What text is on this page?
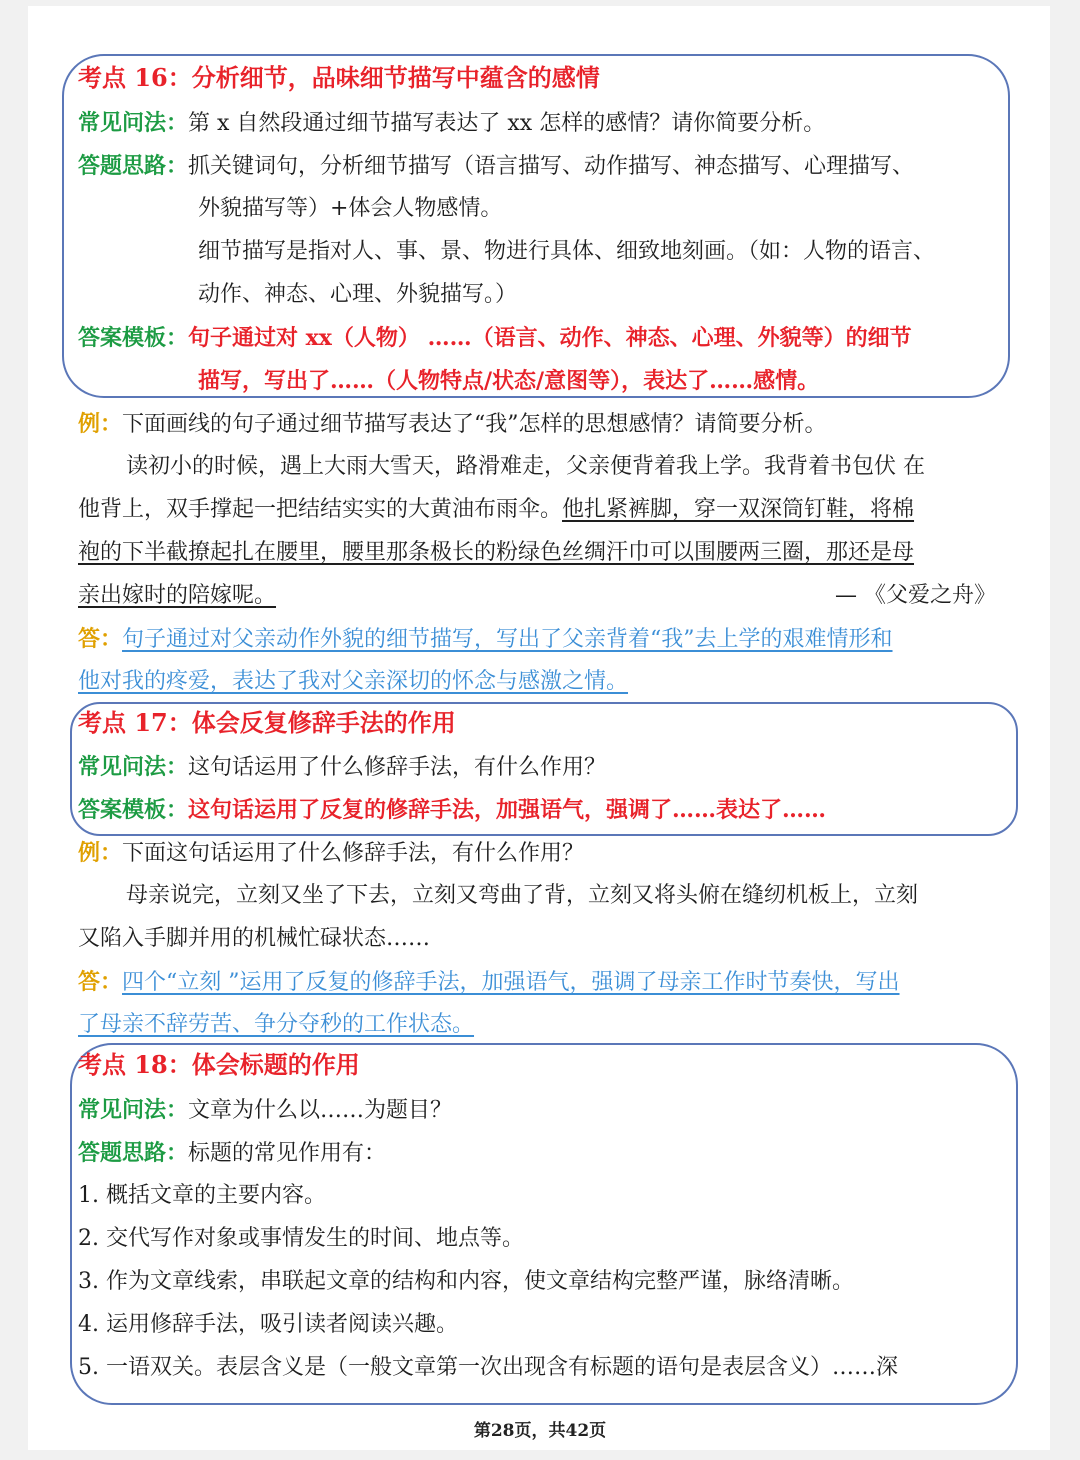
考点 16：分析细节，品味细节描写中蕴含的感情
常见问法：第 x 自然段通过细节描写表达了 xx 怎样的感情？请你简要分析。
答题思路：抓关键词句，分析细节描写（语言描写、动作描写、神态描写、心理描写、
外貌描写等）+体会人物感情。
细节描写是指对人、事、景、物进行具体、细致地刻画。（如：人物的语言、
动作、神态、心理、外貌描写。）
答案模板：句子通过对 xx（人物） ……（语言、动作、神态、心理、外貌等）的细节
描写，写出了……（人物特点/状态/意图等），表达了……感情。
例：下面画线的句子通过细节描写表达了“我”怎样的思想感情？请简要分析。
读初小的时候，遇上大雨大雪天，路滑难走，父亲便背着我上学。我背着书包伏 在
他背上，双手撑起一把结结实实的大黄油布雨伞。他扎紧裤脚，穿一双深筒钉鞋，将棉
袍的下半截撩起扎在腰里，腰里那条极长的粉绿色丝绸汗巾可以围腰两三圈，那还是母
亲出嫁时的陪嫁呢。	— 《父爱之舟》
答：句子通过对父亲动作外貌的细节描写，写出了父亲背着“我”去上学的艰难情形和
他对我的疼爱，表达了我对父亲深切的怀念与感激之情。
考点 17：体会反复修辞手法的作用
常见问法：这句话运用了什么修辞手法，有什么作用？
答案模板：这句话运用了反复的修辞手法，加强语气，强调了……表达了……
例：下面这句话运用了什么修辞手法，有什么作用？
母亲说完，立刻又坐了下去，立刻又弯曲了背，立刻又将头俯在缝纫机板上，立刻
又陷入手脚并用的机械忙碌状态……
答：四个“立刻 ”运用了反复的修辞手法，加强语气，强调了母亲工作时节奏快，写出
了母亲不辞劳苦、争分夺秒的工作状态。
考点 18：体会标题的作用
常见问法：文章为什么以……为题目？
答题思路：标题的常见作用有：
1. 概括文章的主要内容。
2. 交代写作对象或事情发生的时间、地点等。
3. 作为文章线索，串联起文章的结构和内容，使文章结构完整严谨，脉络清晰。
4. 运用修辞手法，吸引读者阅读兴趣。
5. 一语双关。表层含义是（一般文章第一次出现含有标题的语句是表层含义）……深
第28页，共42页
